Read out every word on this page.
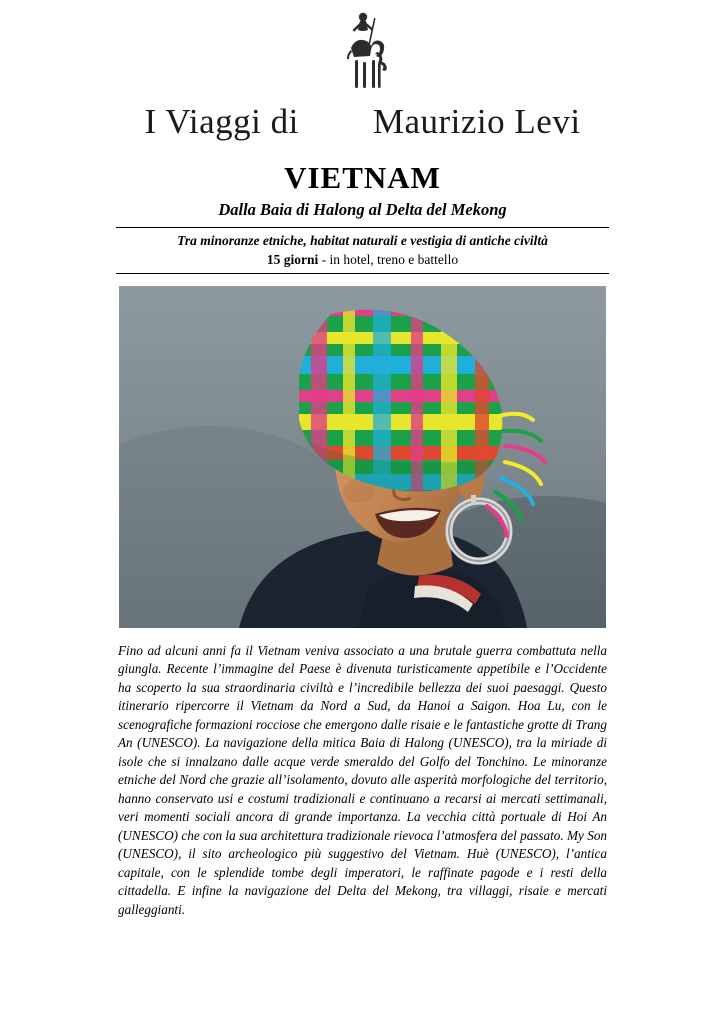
I Viaggi di Maurizio Levi
VIETNAM
Dalla Baia di Halong al Delta del Mekong
Tra minoranze etniche, habitat naturali e vestigia di antiche civiltà
15 giorni - in hotel, treno e battello

Fino ad alcuni anni fa il Vietnam veniva associato a una brutale guerra combattuta nella giungla. Recente l’immagine del Paese è divenuta turisticamente appetibile e l’Occidente ha scoperto la sua straordinaria civiltà e l’incredibile bellezza dei suoi paesaggi. Questo itinerario ripercorre il Vietnam da Nord a Sud, da Hanoi a Saigon. Hoa Lu, con le scenografiche formazioni rocciose che emergono dalle risaie e le fantastiche grotte di Trang An (UNESCO). La navigazione della mitica Baia di Halong (UNESCO), tra la miriade di isole che si innalzano dalle acque verde smeraldo del Golfo del Tonchino. Le minoranze etniche del Nord che grazie all’isolamento, dovuto alle asperità morfologiche del territorio, hanno conservato usi e costumi tradizionali e continuano a recarsi ai mercati settimanali, veri momenti sociali ancora di grande importanza. La vecchia città portuale di Hoi An (UNESCO) che con la sua architettura tradizionale rievoca l’atmosfera del passato. My Son (UNESCO), il sito archeologico più suggestivo del Vietnam. Huè (UNESCO), l’antica capitale, con le splendide tombe degli imperatori, le raffinate pagode e i resti della cittadella. E infine la navigazione del Delta del Mekong, tra villaggi, risaie e mercati galleggianti.
